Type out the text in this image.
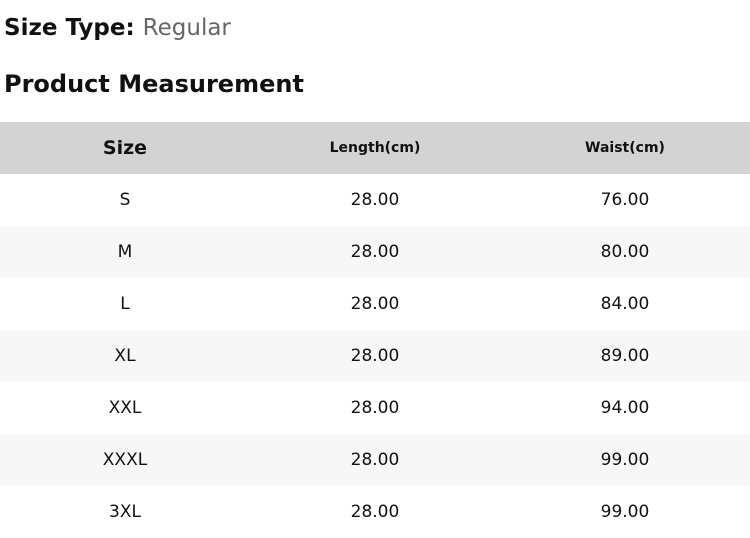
Size Type: Regular

Product Measurement
Size	Length(cm)	Waist(cm)
S	28.00	76.00
M	28.00	80.00
L	28.00	84.00
XL	28.00	89.00
XXL	28.00	94.00
XXXL	28.00	99.00
3XL	28.00	99.00
